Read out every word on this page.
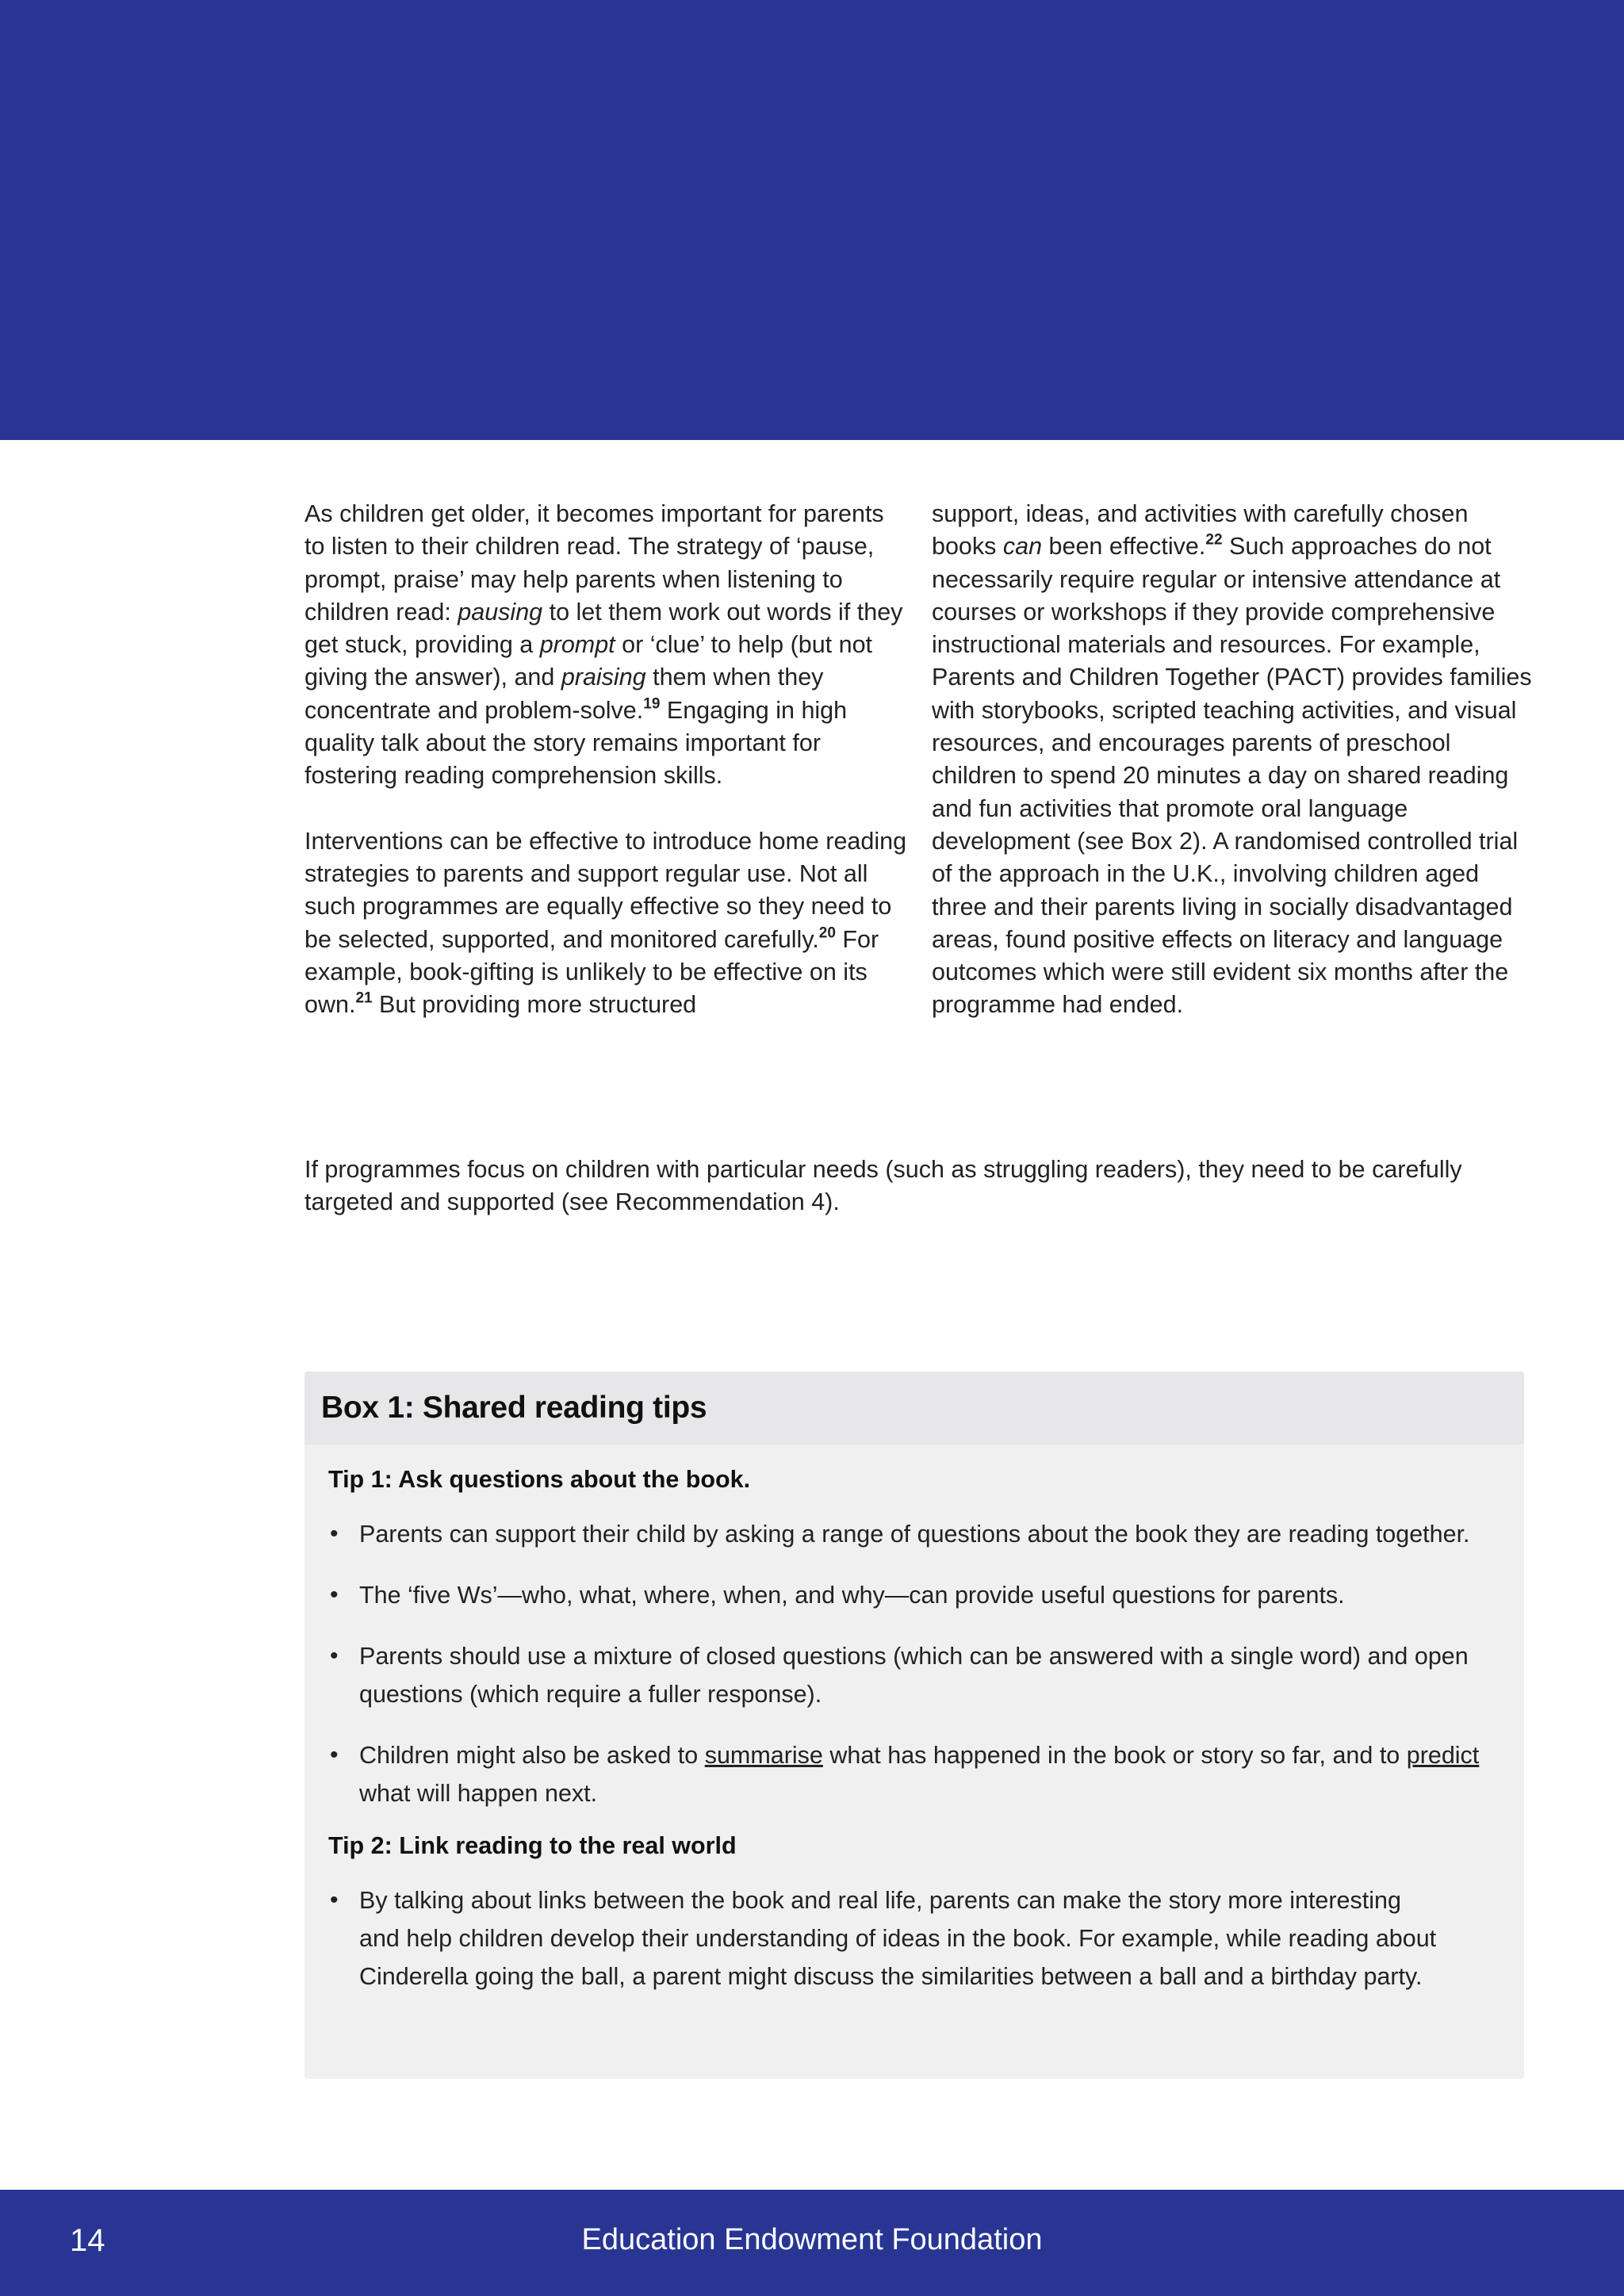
As children get older, it becomes important for parents to listen to their children read. The strategy of ‘pause, prompt, praise’ may help parents when listening to children read: pausing to let them work out words if they get stuck, providing a prompt or ‘clue’ to help (but not giving the answer), and praising them when they concentrate and problem-solve.$^{19}$ Engaging in high quality talk about the story remains important for fostering reading comprehension skills.

Interventions can be effective to introduce home reading strategies to parents and support regular use. Not all such programmes are equally effective so they need to be selected, supported, and monitored carefully.$^{20}$ For example, book-gifting is unlikely to be effective on its own.$^{21}$ But providing more structured

support, ideas, and activities with carefully chosen books can been effective.$^{22}$ Such approaches do not necessarily require regular or intensive attendance at courses or workshops if they provide comprehensive instructional materials and resources. For example, Parents and Children Together (PACT) provides families with storybooks, scripted teaching activities, and visual resources, and encourages parents of preschool children to spend 20 minutes a day on shared reading and fun activities that promote oral language development (see Box 2). A randomised controlled trial of the approach in the U.K., involving children aged three and their parents living in socially disadvantaged areas, found positive effects on literacy and language outcomes which were still evident six months after the programme had ended.

If programmes focus on children with particular needs (such as struggling readers), they need to be carefully targeted and supported (see Recommendation 4).

Box 1: Shared reading tips
Tip 1: Ask questions about the book.
• Parents can support their child by asking a range of questions about the book they are reading together.
• The ‘five Ws’—who, what, where, when, and why—can provide useful questions for parents.
• Parents should use a mixture of closed questions (which can be answered with a single word) and open questions (which require a fuller response).
• Children might also be asked to summarise what has happened in the book or story so far, and to predict what will happen next.
Tip 2: Link reading to the real world
• By talking about links between the book and real life, parents can make the story more interesting and help children develop their understanding of ideas in the book. For example, while reading about Cinderella going the ball, a parent might discuss the similarities between a ball and a birthday party.
14	Education Endowment Foundation
